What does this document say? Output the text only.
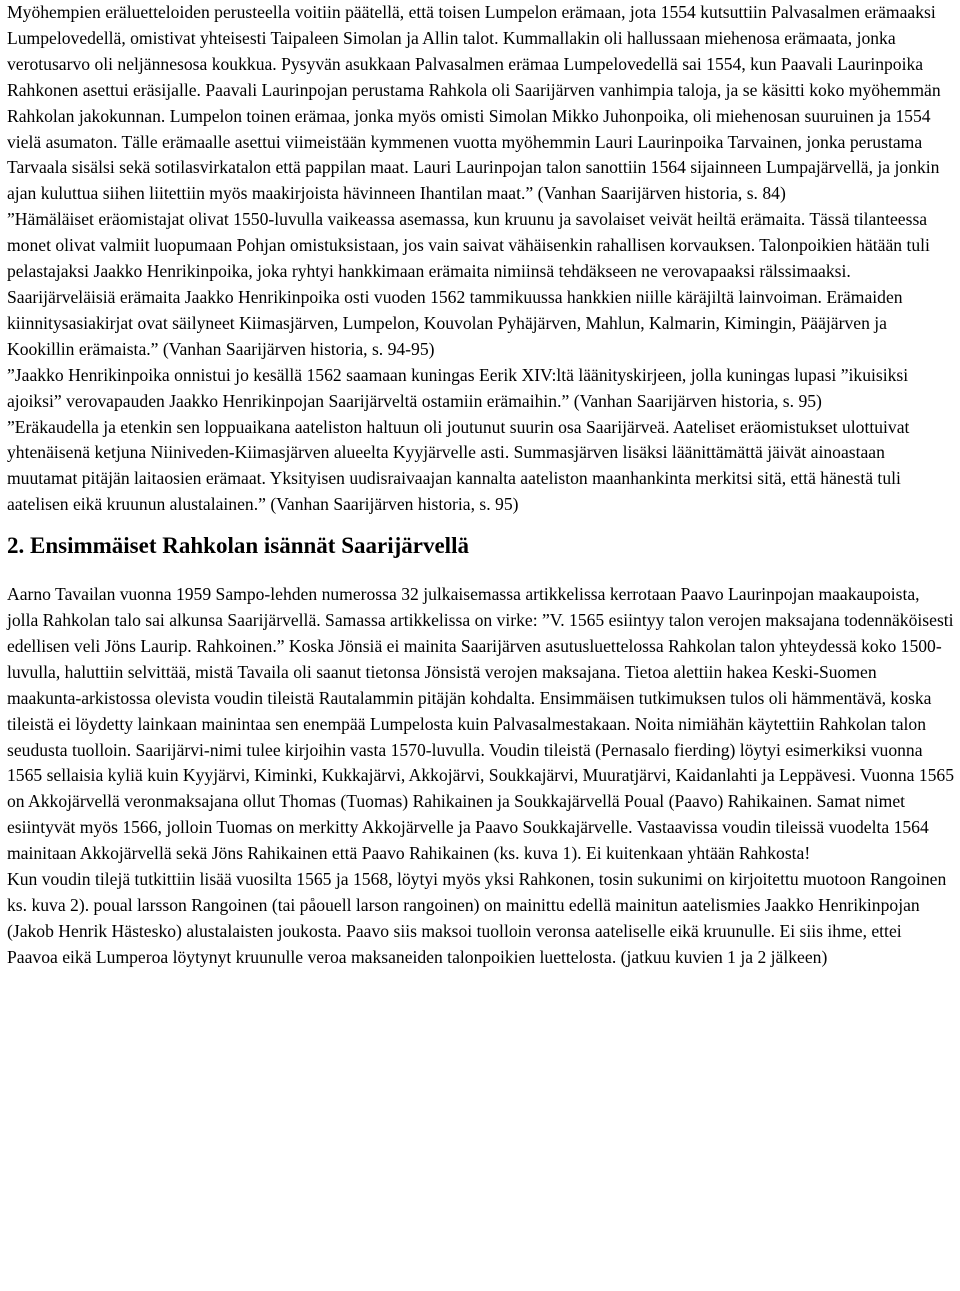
Myöhempien eräluetteloiden perusteella voitiin päätellä, että toisen Lumpelon erämaan, jota 1554 kutsuttiin Palvasalmen erämaaksi Lumpelovedellä, omistivat yhteisesti Taipaleen Simolan ja Allin talot. Kummallakin oli hallussaan miehenosa erämaata, jonka verotusarvo oli neljännesosa koukkua. Pysyvän asukkaan Palvasalmen erämaa Lumpelovedellä sai 1554, kun Paavali Laurinpoika Rahkonen asettui eräsijalle. Paavali Laurinpojan perustama Rahkola oli Saarijärven vanhimpia taloja, ja se käsitti koko myöhemmän Rahkolan jakokunnan. Lumpelon toinen erämaa, jonka myös omisti Simolan Mikko Juhonpoika, oli miehenosan suuruinen ja 1554 vielä asumaton. Tälle erämaalle asettui viimeistään kymmenen vuotta myöhemmin Lauri Laurinpoika Tarvainen, jonka perustama Tarvaala sisälsi sekä sotilasvirkatalon että pappilan maat. Lauri Laurinpojan talon sanottiin 1564 sijainneen Lumpajärvellä, ja jonkin ajan kuluttua siihen liitettiin myös maakirjoista hävinneen Ihantilan maat.” (Vanhan Saarijärven historia, s. 84)

”Hämäläiset eräomistajat olivat 1550-luvulla vaikeassa asemassa, kun kruunu ja savolaiset veivät heiltä erämaita. Tässä tilanteessa monet olivat valmiit luopumaan Pohjan omistuksistaan, jos vain saivat vähäisenkin rahallisen korvauksen. Talonpoikien hätään tuli pelastajaksi Jaakko Henrikinpoika, joka ryhtyi hankkimaan erämaita nimiinsä tehdäkseen ne verovapaaksi rälssimaaksi. Saarijärveläisiä erämaita Jaakko Henrikinpoika osti vuoden 1562 tammikuussa hankkien niille käräjiltä lainvoiman. Erämaiden kiinnitysasiakirjat ovat säilyneet Kiimasjärven, Lumpelon, Kouvolan Pyhäjärven, Mahlun, Kalmarin, Kimingin, Pääjärven ja Kookillin erämaista.” (Vanhan Saarijärven historia, s. 94-95)

”Jaakko Henrikinpoika onnistui jo kesällä 1562 saamaan kuningas Eerik XIV:ltä läänityskirjeen, jolla kuningas lupasi ”ikuisiksi ajoiksi” verovapauden Jaakko Henrikinpojan Saarijärveltä ostamiin erämaihin.” (Vanhan Saarijärven historia, s. 95)

”Eräkaudella ja etenkin sen loppuaikana aateliston haltuun oli joutunut suurin osa Saarijärveä. Aateliset eräomistukset ulottuivat yhtenäisenä ketjuna Niiniveden-Kiimasjärven alueelta Kyyjärvelle asti. Summasjärven lisäksi läänittämättä jäivät ainoastaan muutamat pitäjän laitaosien erämaat. Yksityisen uudisraivaajan kannalta aateliston maanhankinta merkitsi sitä, että hänestä tuli aatelisen eikä kruunun alustalainen.” (Vanhan Saarijärven historia, s. 95)

2. Ensimmäiset Rahkolan isännät Saarijärvellä

Aarno Tavailan vuonna 1959 Sampo-lehden numerossa 32 julkaisemassa artikkelissa kerrotaan Paavo Laurinpojan maakaupoista, jolla Rahkolan talo sai alkunsa Saarijärvellä. Samassa artikkelissa on virke: ”V. 1565 esiintyy talon verojen maksajana todennäköisesti edellisen veli Jöns Laurip. Rahkoinen.” Koska Jönsiä ei mainita Saarijärven asutusluettelossa Rahkolan talon yhteydessä koko 1500-luvulla, haluttiin selvittää, mistä Tavaila oli saanut tietonsa Jönsistä verojen maksajana. Tietoa alettiin hakea Keski-Suomen maakunta-arkistossa olevista voudin tileistä Rautalammin pitäjän kohdalta. Ensimmäisen tutkimuksen tulos oli hämmentävä, koska tileistä ei löydetty lainkaan mainintaa sen enempää Lumpelosta kuin Palvasalmestakaan. Noita nimiähän käytettiin Rahkolan talon seudusta tuolloin. Saarijärvi-nimi tulee kirjoihin vasta 1570-luvulla. Voudin tileistä (Pernasalo fierding) löytyi esimerkiksi vuonna 1565 sellaisia kyliä kuin Kyyjärvi, Kiminki, Kukkajärvi, Akkojärvi, Soukkajärvi, Muuratjärvi, Kaidanlahti ja Leppävesi. Vuonna 1565 on Akkojärvellä veronmaksajana ollut Thomas (Tuomas) Rahikainen ja Soukkajärvellä Poual (Paavo) Rahikainen. Samat nimet esiintyvät myös 1566, jolloin Tuomas on merkitty Akkojärvelle ja Paavo Soukkajärvelle. Vastaavissa voudin tileissä vuodelta 1564 mainitaan Akkojärvellä sekä Jöns Rahikainen että Paavo Rahikainen (ks. kuva 1). Ei kuitenkaan yhtään Rahkosta!

Kun voudin tilejä tutkittiin lisää vuosilta 1565 ja 1568, löytyi myös yksi Rahkonen, tosin sukunimi on kirjoitettu muotoon Rangoinen ks. kuva 2). poual larsson Rangoinen (tai påouell larson rangoinen) on mainittu edellä mainitun aatelismies Jaakko Henrikinpojan (Jakob Henrik Hästesko) alustalaisten joukosta. Paavo siis maksoi tuolloin veronsa aateliselle eikä kruunulle. Ei siis ihme, ettei Paavoa eikä Lumperoa löytynyt kruunulle veroa maksaneiden talonpoikien luettelosta. (jatkuu kuvien 1 ja 2 jälkeen)
